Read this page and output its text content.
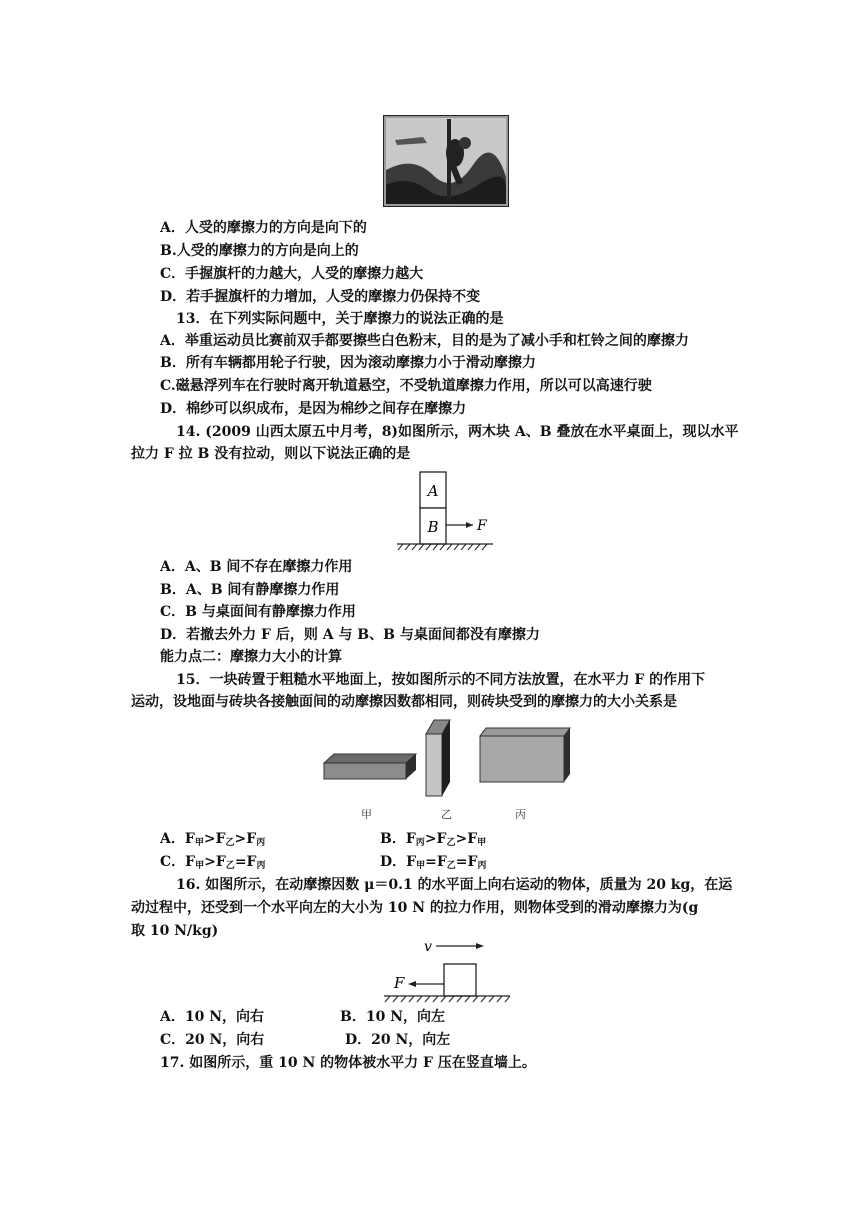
A．人受的摩擦力的方向是向下的
B.人受的摩擦力的方向是向上的
C．手握旗杆的力越大，人受的摩擦力越大
D．若手握旗杆的力增加，人受的摩擦力仍保持不变
13．在下列实际问题中，关于摩擦力的说法正确的是
A．举重运动员比赛前双手都要擦些白色粉末，目的是为了减小手和杠铃之间的摩擦力
B．所有车辆都用轮子行驶，因为滚动摩擦力小于滑动摩擦力
C.磁悬浮列车在行驶时离开轨道悬空，不受轨道摩擦力作用，所以可以高速行驶
D．棉纱可以织成布，是因为棉纱之间存在摩擦力
14. (2009 山西太原五中月考，8)如图所示，两木块 A、B 叠放在水平桌面上，现以水平
拉力 F 拉 B 没有拉动，则以下说法正确的是
A
B	F
A．A、B 间不存在摩擦力作用
B．A、B 间有静摩擦力作用
C．B 与桌面间有静摩擦力作用
D．若撤去外力 F 后，则 A 与 B、B 与桌面间都没有摩擦力
能力点二：摩擦力大小的计算
15．一块砖置于粗糙水平地面上，按如图所示的不同方法放置，在水平力 F 的作用下
运动，设地面与砖块各接触面间的动摩擦因数都相同，则砖块受到的摩擦力的大小关系是
甲	乙	丙
A．$F_甲>F_乙>F_丙$	B．$F_丙>F_乙>F_甲$
C．$F_甲>F_乙=F_丙$	D．$F_甲=F_乙=F_丙$
16. 如图所示，在动摩擦因数 μ＝0.1 的水平面上向右运动的物体，质量为 20 kg，在运
动过程中，还受到一个水平向左的大小为 10 N 的拉力作用，则物体受到的滑动摩擦力为(g
取 10 N/kg)
v
F
A．10 N，向右	B．10 N，向左
C．20 N，向右	D．20 N，向左
17. 如图所示，重 10 N 的物体被水平力 F 压在竖直墙上。
